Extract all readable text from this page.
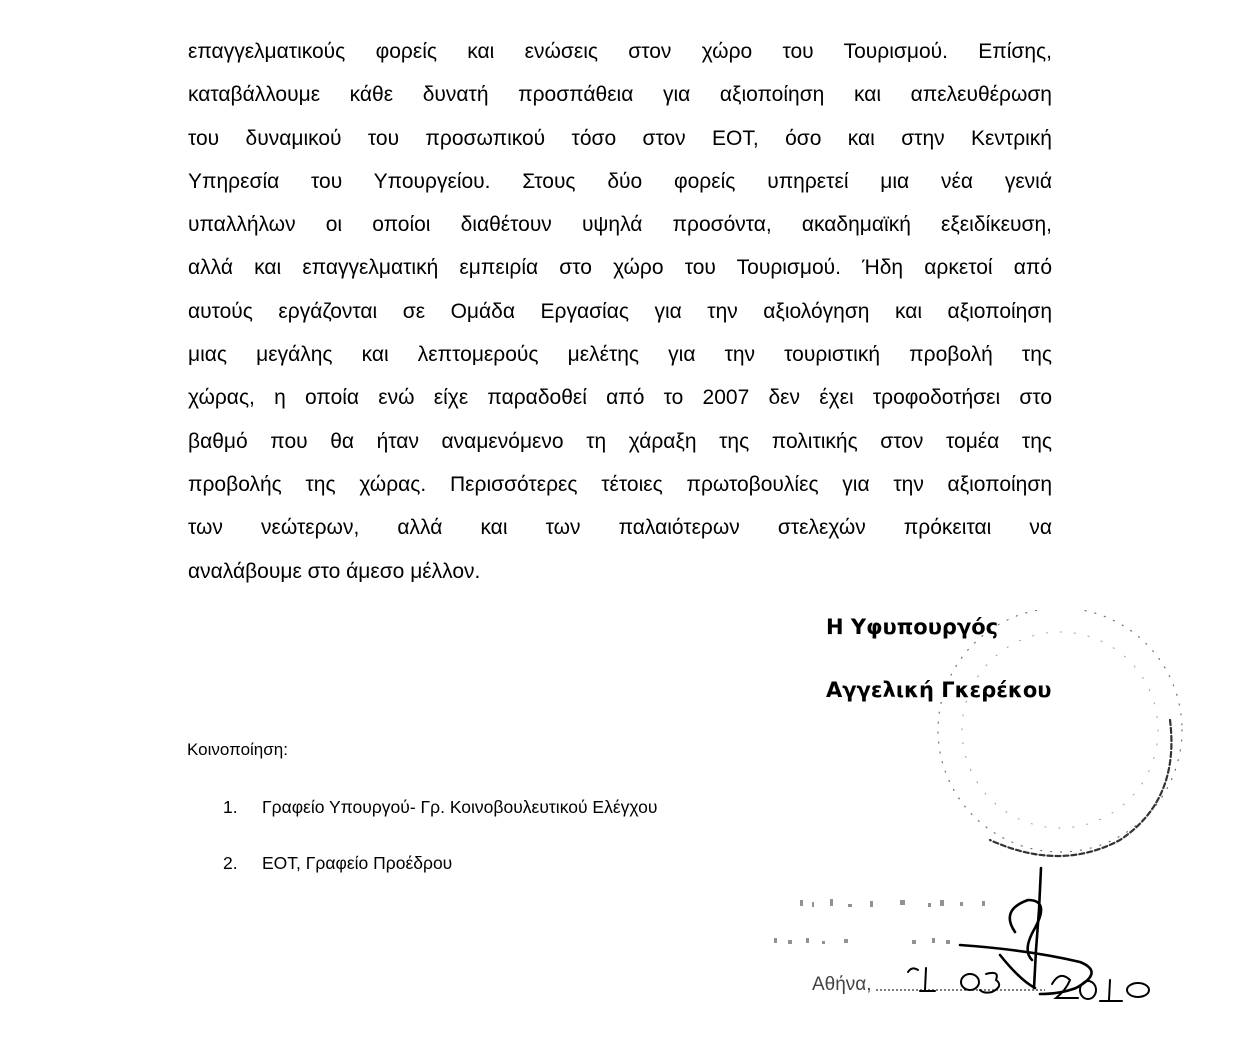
επαγγελματικούς φορείς και ενώσεις στον χώρο του Τουρισμού. Επίσης,
καταβάλλουμε κάθε δυνατή προσπάθεια για αξιοποίηση και απελευθέρωση
του δυναμικού του προσωπικού τόσο στον ΕΟΤ, όσο και στην Κεντρική
Υπηρεσία του Υπουργείου. Στους δύο φορείς υπηρετεί μια νέα γενιά
υπαλλήλων οι οποίοι διαθέτουν υψηλά προσόντα, ακαδημαϊκή εξειδίκευση,
αλλά και επαγγελματική εμπειρία στο χώρο του Τουρισμού. Ήδη αρκετοί από
αυτούς εργάζονται σε Ομάδα Εργασίας για την αξιολόγηση και αξιοποίηση
μιας μεγάλης και λεπτομερούς μελέτης για την τουριστική προβολή της
χώρας, η οποία ενώ είχε παραδοθεί από το 2007 δεν έχει τροφοδοτήσει στο
βαθμό που θα ήταν αναμενόμενο τη χάραξη της πολιτικής στον τομέα της
προβολής της χώρας. Περισσότερες τέτοιες πρωτοβουλίες για την αξιοποίηση
των νεώτερων, αλλά και των παλαιότερων στελεχών πρόκειται να
αναλάβουμε στο άμεσο μέλλον.
Αθήνα,
Η Υφυπουργός
Αγγελική Γκερέκου
Κοινοποίηση:
1. Γραφείο Υπουργού- Γρ. Κοινοβουλευτικού Ελέγχου
2. ΕΟΤ, Γραφείο Προέδρου
